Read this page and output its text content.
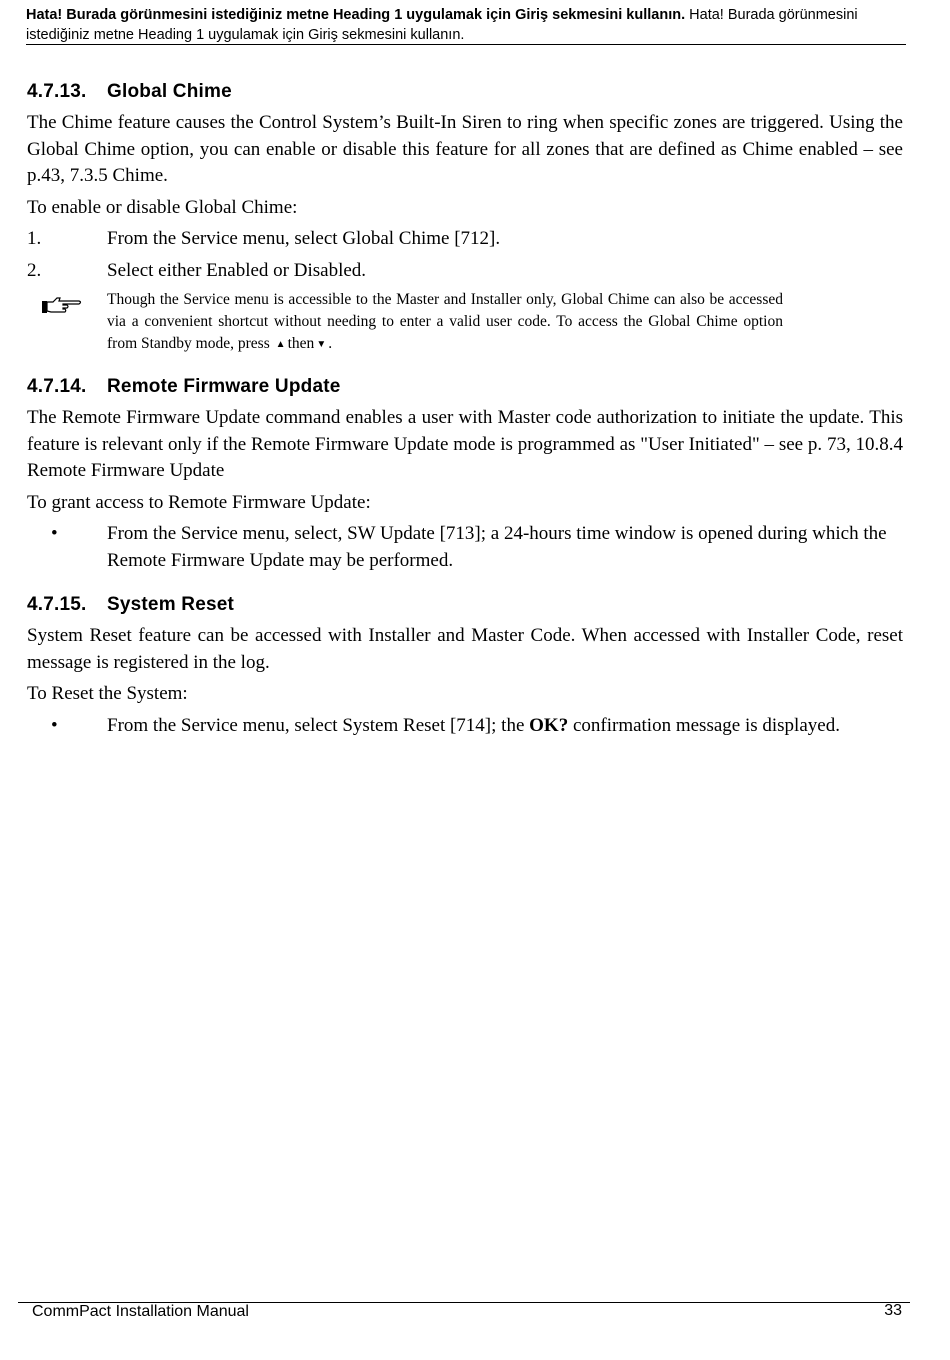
Hata! Burada görünmesini istediğiniz metne Heading 1 uygulamak için Giriş sekmesini kullanın. Hata! Burada görünmesini istediğiniz metne Heading 1 uygulamak için Giriş sekmesini kullanın.
4.7.13. Global Chime

The Chime feature causes the Control System’s Built-In Siren to ring when specific zones are triggered. Using the Global Chime option, you can enable or disable this feature for all zones that are defined as Chime enabled – see p.43, 7.3.5 Chime.

To enable or disable Global Chime:

1.	From the Service menu, select Global Chime [712].
2.	Select either Enabled or Disabled.
Though the Service menu is accessible to the Master and Installer only, Global Chime can also be accessed via a convenient shortcut without needing to enter a valid user code. To access the Global Chime option from Standby mode, press ▲ then ▼ .
4.7.14. Remote Firmware Update

The Remote Firmware Update command enables a user with Master code authorization to initiate the update. This feature is relevant only if the Remote Firmware Update mode is programmed as "User Initiated" – see p. 73, 10.8.4 Remote Firmware Update

To grant access to Remote Firmware Update:

•	From the Service menu, select, SW Update [713]; a 24-hours time window is opened during which the Remote Firmware Update may be performed.
4.7.15. System Reset

System Reset feature can be accessed with Installer and Master Code. When accessed with Installer Code, reset message is registered in the log.

To Reset the System:

•	From the Service menu, select System Reset [714]; the OK? confirmation message is displayed.
CommPact Installation Manual	33
